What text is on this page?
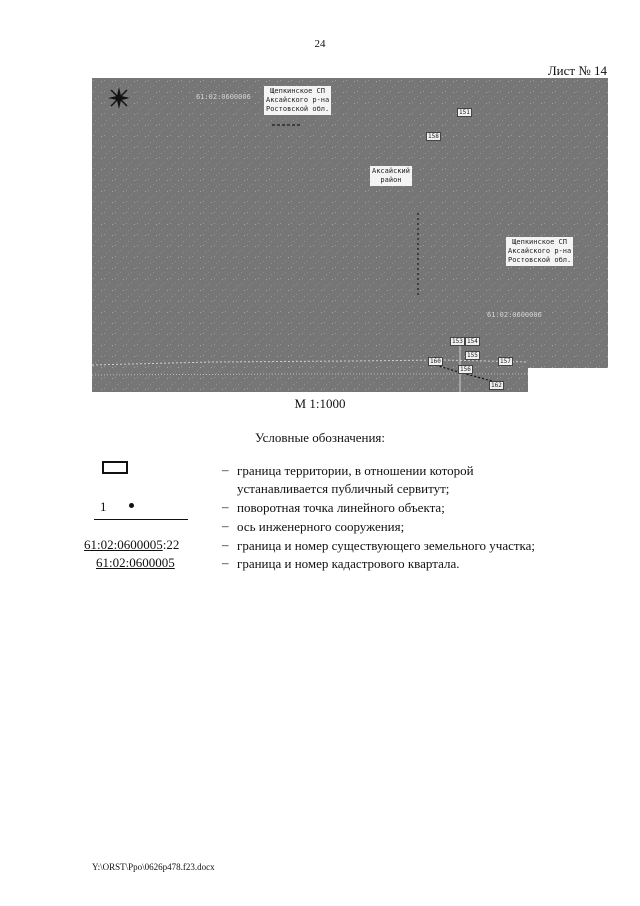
24
Лист № 14
Щепкинское СП
Аксайского р-на
Ростовской обл.
Аксайский
район
Щепкинское СП
Аксайского р-на
Ростовской обл.
61:02:0600006
61:02:0600006
151
158
153 154
155
157
160
156
162
М 1:1000
Условные обозначения:
1
61:02:0600005:22
61:02:0600005
–
–
–
–
–
граница территории, в отношении которой
устанавливается публичный сервитут;
поворотная точка линейного объекта;
ось инженерного сооружения;
граница и номер существующего земельного участка;
граница и номер кадастрового квартала.
Y:\ORST\Ppo\0626p478.f23.docx
